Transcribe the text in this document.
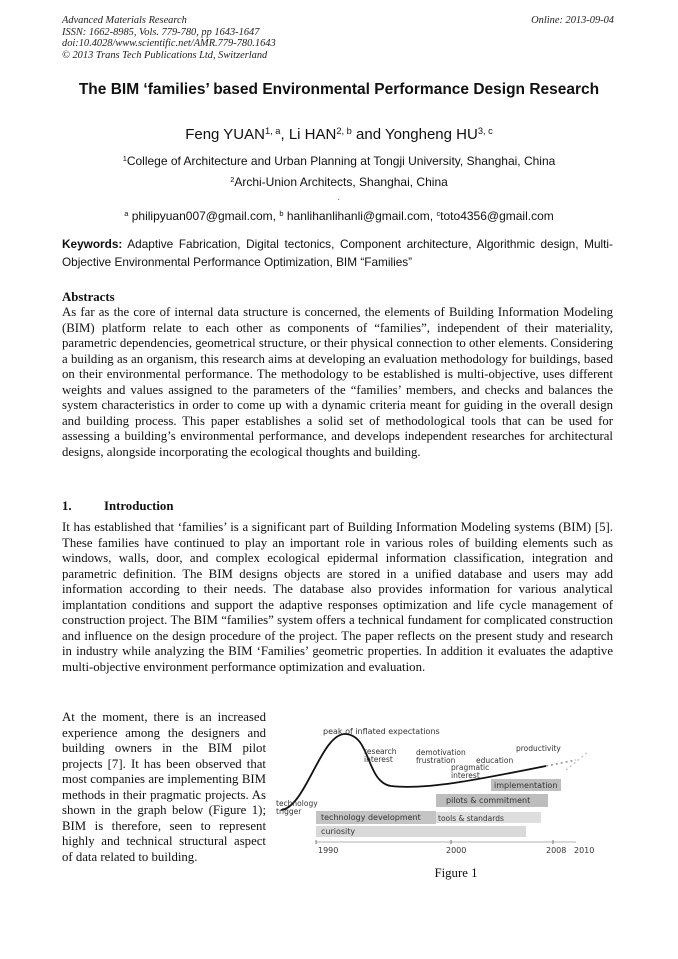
Advanced Materials Research
ISSN: 1662-8985, Vols. 779-780, pp 1643-1647
doi:10.4028/www.scientific.net/AMR.779-780.1643
© 2013 Trans Tech Publications Ltd, Switzerland
Online: 2013-09-04
The BIM ‘families’ based Environmental Performance Design Research
Feng YUAN$^{1, a}$, Li HAN$^{2, b}$ and Yongheng HU$^{3, c}$
$^1$College of Architecture and Urban Planning at Tongji University, Shanghai, China
$^2$Archi-Union Architects, Shanghai, China
·
$^a$ philipyuan007@gmail.com, $^b$ hanlihanlihanli@gmail.com, $^c$toto4356@gmail.com
Keywords: Adaptive Fabrication, Digital tectonics, Component architecture, Algorithmic design, Multi-Objective Environmental Performance Optimization, BIM “Families”
Abstracts
As far as the core of internal data structure is concerned, the elements of Building Information Modeling (BIM) platform relate to each other as components of “families”, independent of their materiality, parametric dependencies, geometrical structure, or their physical connection to other elements. Considering a building as an organism, this research aims at developing an evaluation methodology for buildings, based on their environmental performance. The methodology to be established is multi-objective, uses different weights and values assigned to the parameters of the “families’ members, and checks and balances the system characteristics in order to come up with a dynamic criteria meant for guiding in the overall design and building process. This paper establishes a solid set of methodological tools that can be used for assessing a building’s environmental performance, and develops independent researches for architectural designs, alongside incorporating the ecological thoughts and building.
1.	Introduction
It has established that ‘families’ is a significant part of Building Information Modeling systems (BIM) [5]. These families have continued to play an important role in various roles of building elements such as windows, walls, door, and complex ecological epidermal information classification, integration and parametric definition. The BIM designs objects are stored in a unified database and users may add information according to their needs. The database also provides information for various analytical implantation conditions and support the adaptive responses optimization and life cycle management of construction project. The BIM “families” system offers a technical fundament for complicated construction and influence on the design procedure of the project. The paper reflects on the present study and research in industry while analyzing the BIM ‘Families’ geometric properties. In addition it evaluates the adaptive multi-objective environment performance optimization and evaluation.
At the moment, there is an increased experience among the designers and building owners in the BIM pilot projects [7]. It has been observed that most companies are implementing BIM methods in their pragmatic projects. As shown in the graph below (Figure 1); BIM is therefore, seen to represent highly and technical structural aspect of data related to building.
peak of inflated expectations
research interest
demotivation frustration
pragmatic interest
education
productivity
technology trigger
curiosity
technology development tools & standards
pilots & commitment
implementation
1990	2000	2008 2010
Figure 1
